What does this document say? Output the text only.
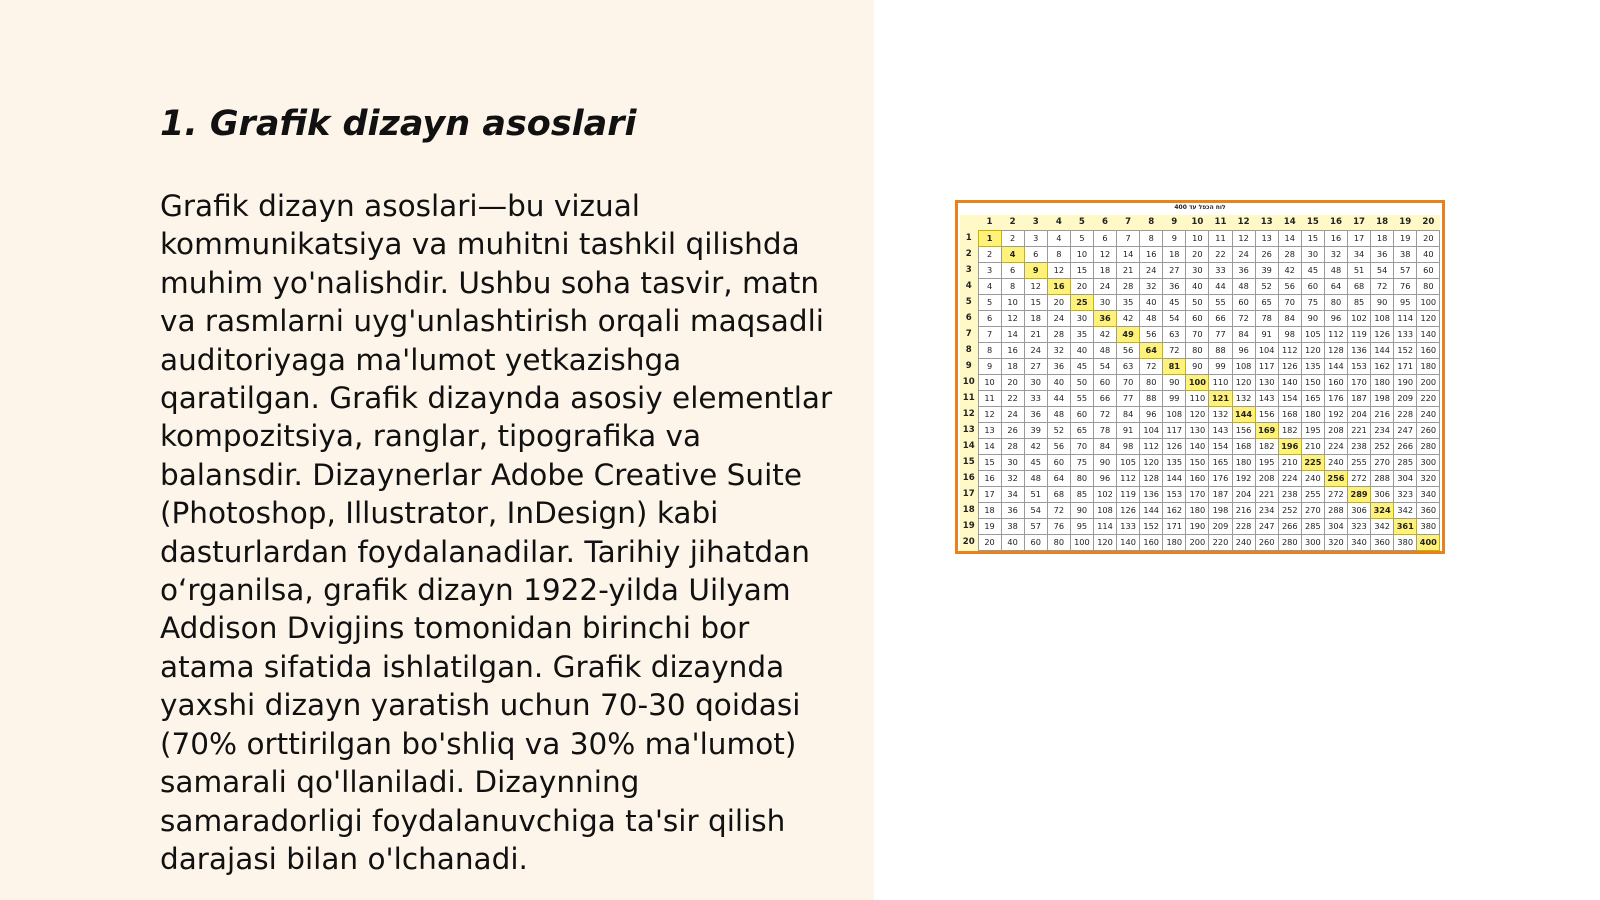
1. Grafik dizayn asoslari

Grafik dizayn asoslari—bu vizual kommunikatsiya va muhitni tashkil qilishda muhim yo'nalishdir. Ushbu soha tasvir, matn va rasmlarni uyg'unlashtirish orqali maqsadli auditoriyaga ma'lumot yetkazishga qaratilgan. Grafik dizaynda asosiy elementlar kompozitsiya, ranglar, tipografika va balansdir. Dizaynerlar Adobe Creative Suite (Photoshop, Illustrator, InDesign) kabi dasturlardan foydalanadilar. Tarihiy jihatdan oʻrganilsa, grafik dizayn 1922-yilda Uilyam Addison Dvigjins tomonidan birinchi bor atama sifatida ishlatilgan. Grafik dizaynda yaxshi dizayn yaratish uchun 70-30 qoidasi (70% orttirilgan bo'shliq va 30% ma'lumot) samarali qo'llaniladi. Dizaynning samaradorligi foydalanuvchiga ta'sir qilish darajasi bilan o'lchanadi.

לוח הכפל עד 400
	1	2	3	4	5	6	7	8	9	10	11	12	13	14	15	16	17	18	19	20
1	1	2	3	4	5	6	7	8	9	10	11	12	13	14	15	16	17	18	19	20
2	2	4	6	8	10	12	14	16	18	20	22	24	26	28	30	32	34	36	38	40
3	3	6	9	12	15	18	21	24	27	30	33	36	39	42	45	48	51	54	57	60
4	4	8	12	16	20	24	28	32	36	40	44	48	52	56	60	64	68	72	76	80
5	5	10	15	20	25	30	35	40	45	50	55	60	65	70	75	80	85	90	95	100
6	6	12	18	24	30	36	42	48	54	60	66	72	78	84	90	96	102	108	114	120
7	7	14	21	28	35	42	49	56	63	70	77	84	91	98	105	112	119	126	133	140
8	8	16	24	32	40	48	56	64	72	80	88	96	104	112	120	128	136	144	152	160
9	9	18	27	36	45	54	63	72	81	90	99	108	117	126	135	144	153	162	171	180
10	10	20	30	40	50	60	70	80	90	100	110	120	130	140	150	160	170	180	190	200
11	11	22	33	44	55	66	77	88	99	110	121	132	143	154	165	176	187	198	209	220
12	12	24	36	48	60	72	84	96	108	120	132	144	156	168	180	192	204	216	228	240
13	13	26	39	52	65	78	91	104	117	130	143	156	169	182	195	208	221	234	247	260
14	14	28	42	56	70	84	98	112	126	140	154	168	182	196	210	224	238	252	266	280
15	15	30	45	60	75	90	105	120	135	150	165	180	195	210	225	240	255	270	285	300
16	16	32	48	64	80	96	112	128	144	160	176	192	208	224	240	256	272	288	304	320
17	17	34	51	68	85	102	119	136	153	170	187	204	221	238	255	272	289	306	323	340
18	18	36	54	72	90	108	126	144	162	180	198	216	234	252	270	288	306	324	342	360
19	19	38	57	76	95	114	133	152	171	190	209	228	247	266	285	304	323	342	361	380
20	20	40	60	80	100	120	140	160	180	200	220	240	260	280	300	320	340	360	380	400
